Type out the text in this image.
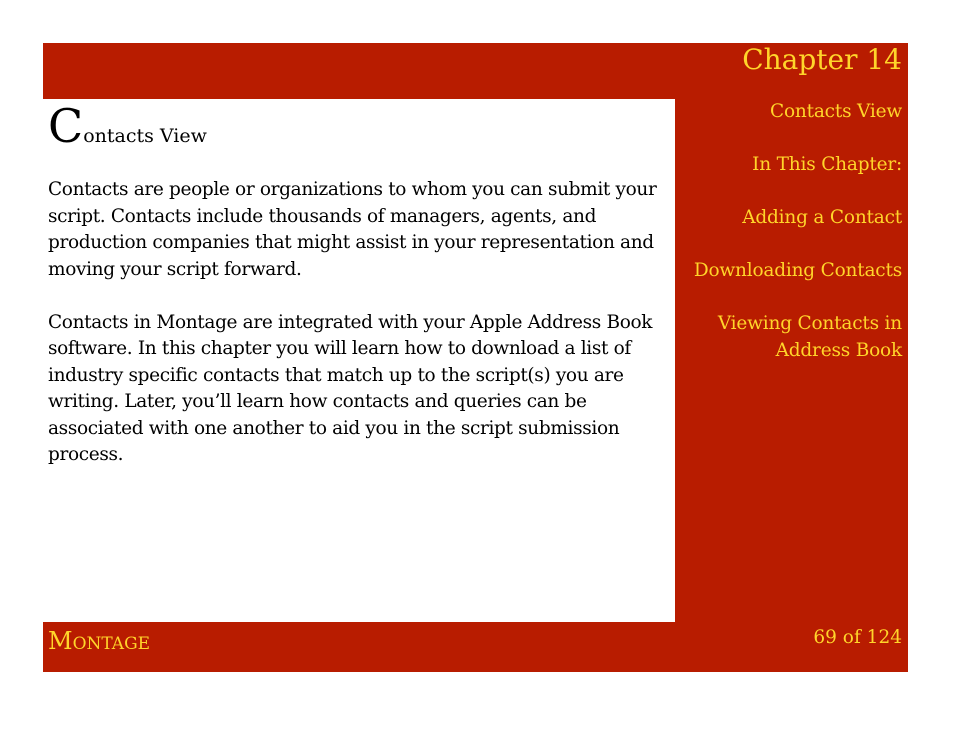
Chapter 14
Contacts View

Contacts are people or organizations to whom you can submit your script. Contacts include thousands of managers, agents, and production companies that might assist in your representation and moving your script forward.

Contacts in Montage are integrated with your Apple Address Book software. In this chapter you will learn how to download a list of industry specific contacts that match up to the script(s) you are writing. Later, you’ll learn how contacts and queries can be associated with one another to aid you in the script submission process.

Contacts View
In This Chapter:
Adding a Contact
Downloading Contacts
Viewing Contacts in Address Book
Montage	69 of 124
